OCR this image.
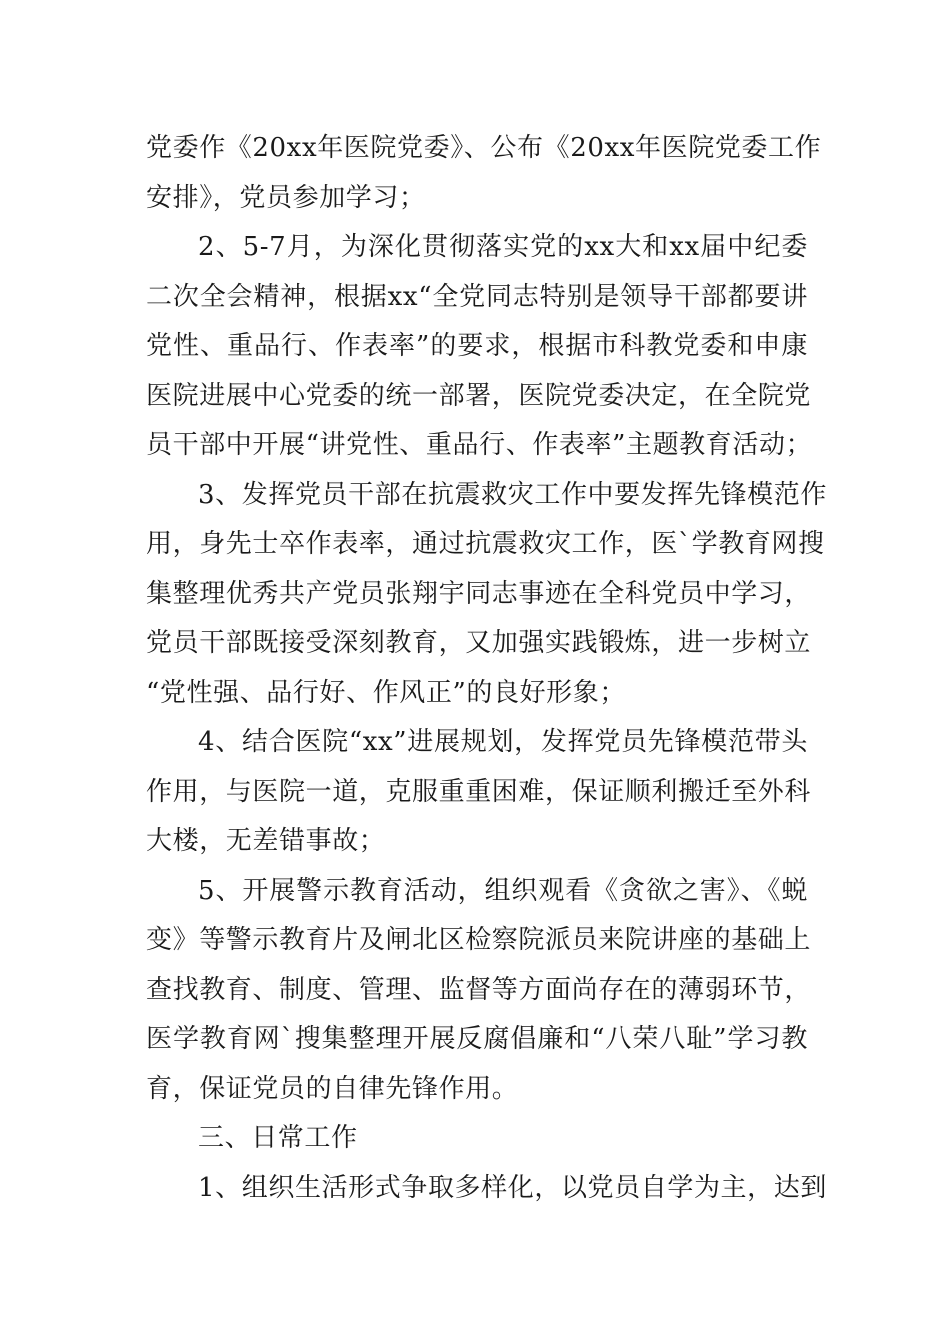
党委作《20xx年医院党委》、公布《20xx年医院党委工作
安排》，党员参加学习；
2、5-7月，为深化贯彻落实党的xx大和xx届中纪委
二次全会精神，根据xx“全党同志特别是领导干部都要讲
党性、重品行、作表率”的要求，根据市科教党委和申康
医院进展中心党委的统一部署，医院党委决定，在全院党
员干部中开展“讲党性、重品行、作表率”主题教育活动；
3、发挥党员干部在抗震救灾工作中要发挥先锋模范作
用，身先士卒作表率，通过抗震救灾工作，医`学教育网搜
集整理优秀共产党员张翔宇同志事迹在全科党员中学习，
党员干部既接受深刻教育，又加强实践锻炼，进一步树立
“党性强、品行好、作风正”的良好形象；
4、结合医院“xx”进展规划，发挥党员先锋模范带头
作用，与医院一道，克服重重困难，保证顺利搬迁至外科
大楼，无差错事故；
5、开展警示教育活动，组织观看《贪欲之害》、《蜕
变》等警示教育片及闸北区检察院派员来院讲座的基础上
查找教育、制度、管理、监督等方面尚存在的薄弱环节，
医学教育网`搜集整理开展反腐倡廉和“八荣八耻”学习教
育，保证党员的自律先锋作用。
三、日常工作
1、组织生活形式争取多样化，以党员自学为主，达到
